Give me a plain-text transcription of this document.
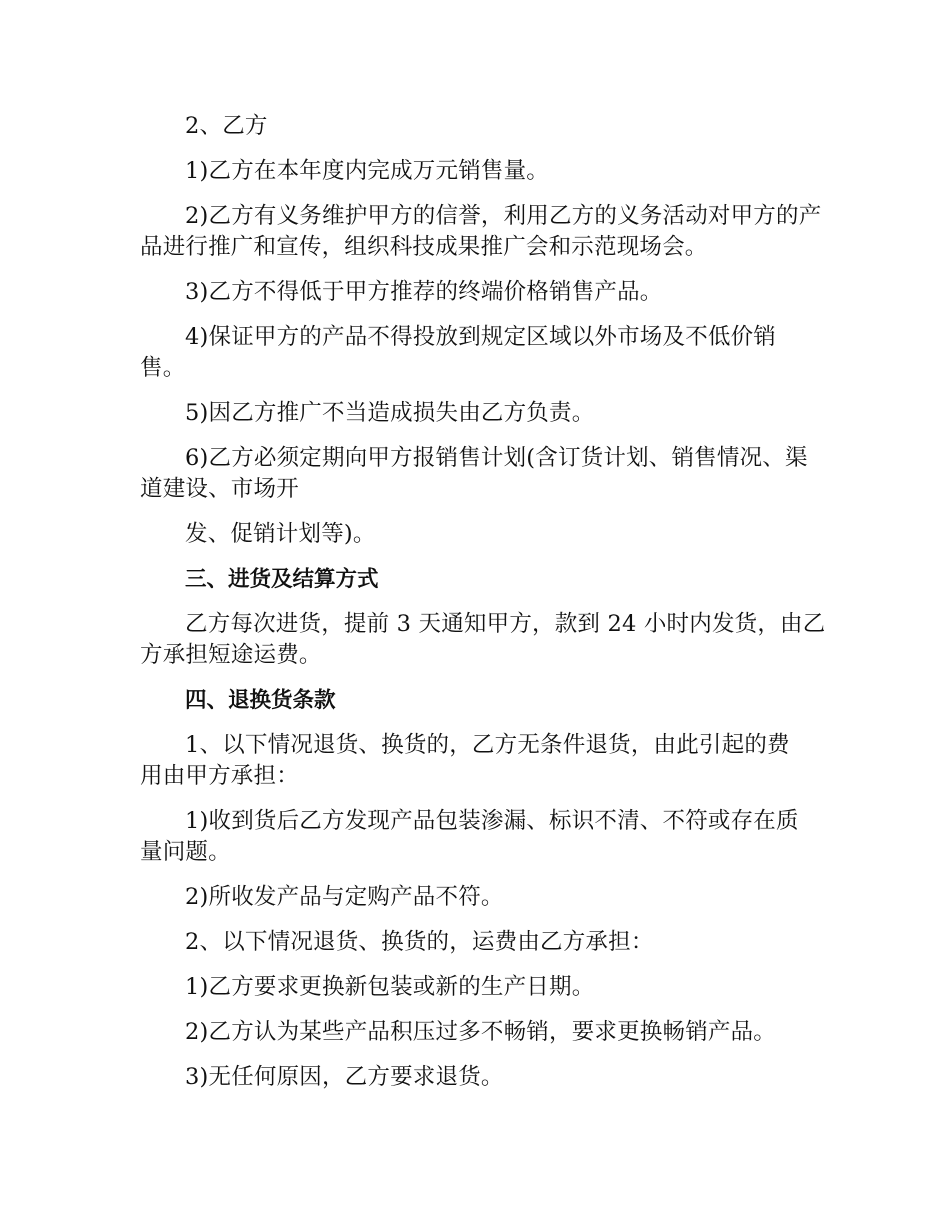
2、乙方

1)乙方在本年度内完成万元销售量。

2)乙方有义务维护甲方的信誉，利用乙方的义务活动对甲方的产品进行推广和宣传，组织科技成果推广会和示范现场会。

3)乙方不得低于甲方推荐的终端价格销售产品。

4)保证甲方的产品不得投放到规定区域以外市场及不低价销售。

5)因乙方推广不当造成损失由乙方负责。

6)乙方必须定期向甲方报销售计划(含订货计划、销售情况、渠道建设、市场开

发、促销计划等)。

三、进货及结算方式

乙方每次进货，提前 3 天通知甲方，款到 24 小时内发货，由乙方承担短途运费。

四、退换货条款

1、以下情况退货、换货的，乙方无条件退货，由此引起的费用由甲方承担：

1)收到货后乙方发现产品包装渗漏、标识不清、不符或存在质量问题。

2)所收发产品与定购产品不符。

2、以下情况退货、换货的，运费由乙方承担：

1)乙方要求更换新包装或新的生产日期。

2)乙方认为某些产品积压过多不畅销，要求更换畅销产品。

3)无任何原因，乙方要求退货。
